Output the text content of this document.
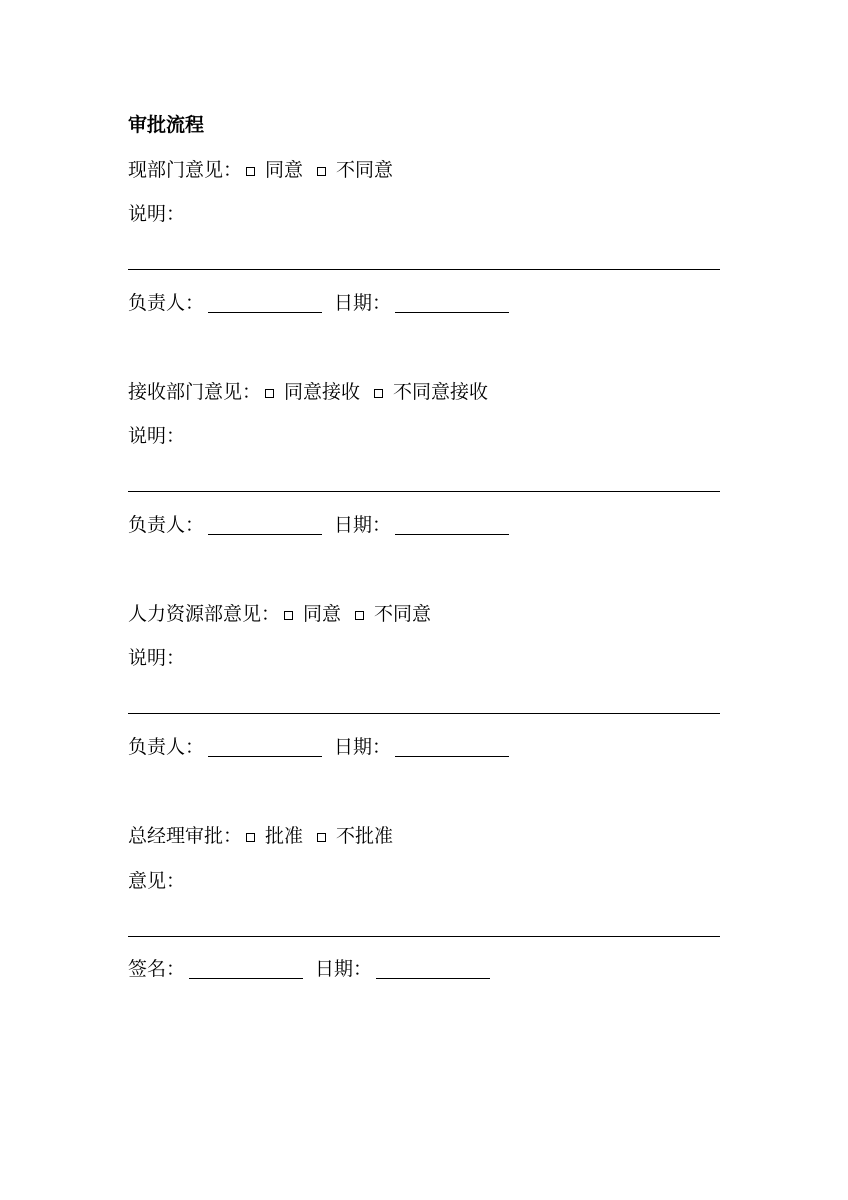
审批流程
现部门意见： 同意 不同意
说明：
负责人：	日期：
接收部门意见： 同意接收 不同意接收
说明：
负责人：	日期：
人力资源部意见： 同意 不同意
说明：
负责人：	日期：
总经理审批： 批准 不批准
意见：
签名：	日期：
